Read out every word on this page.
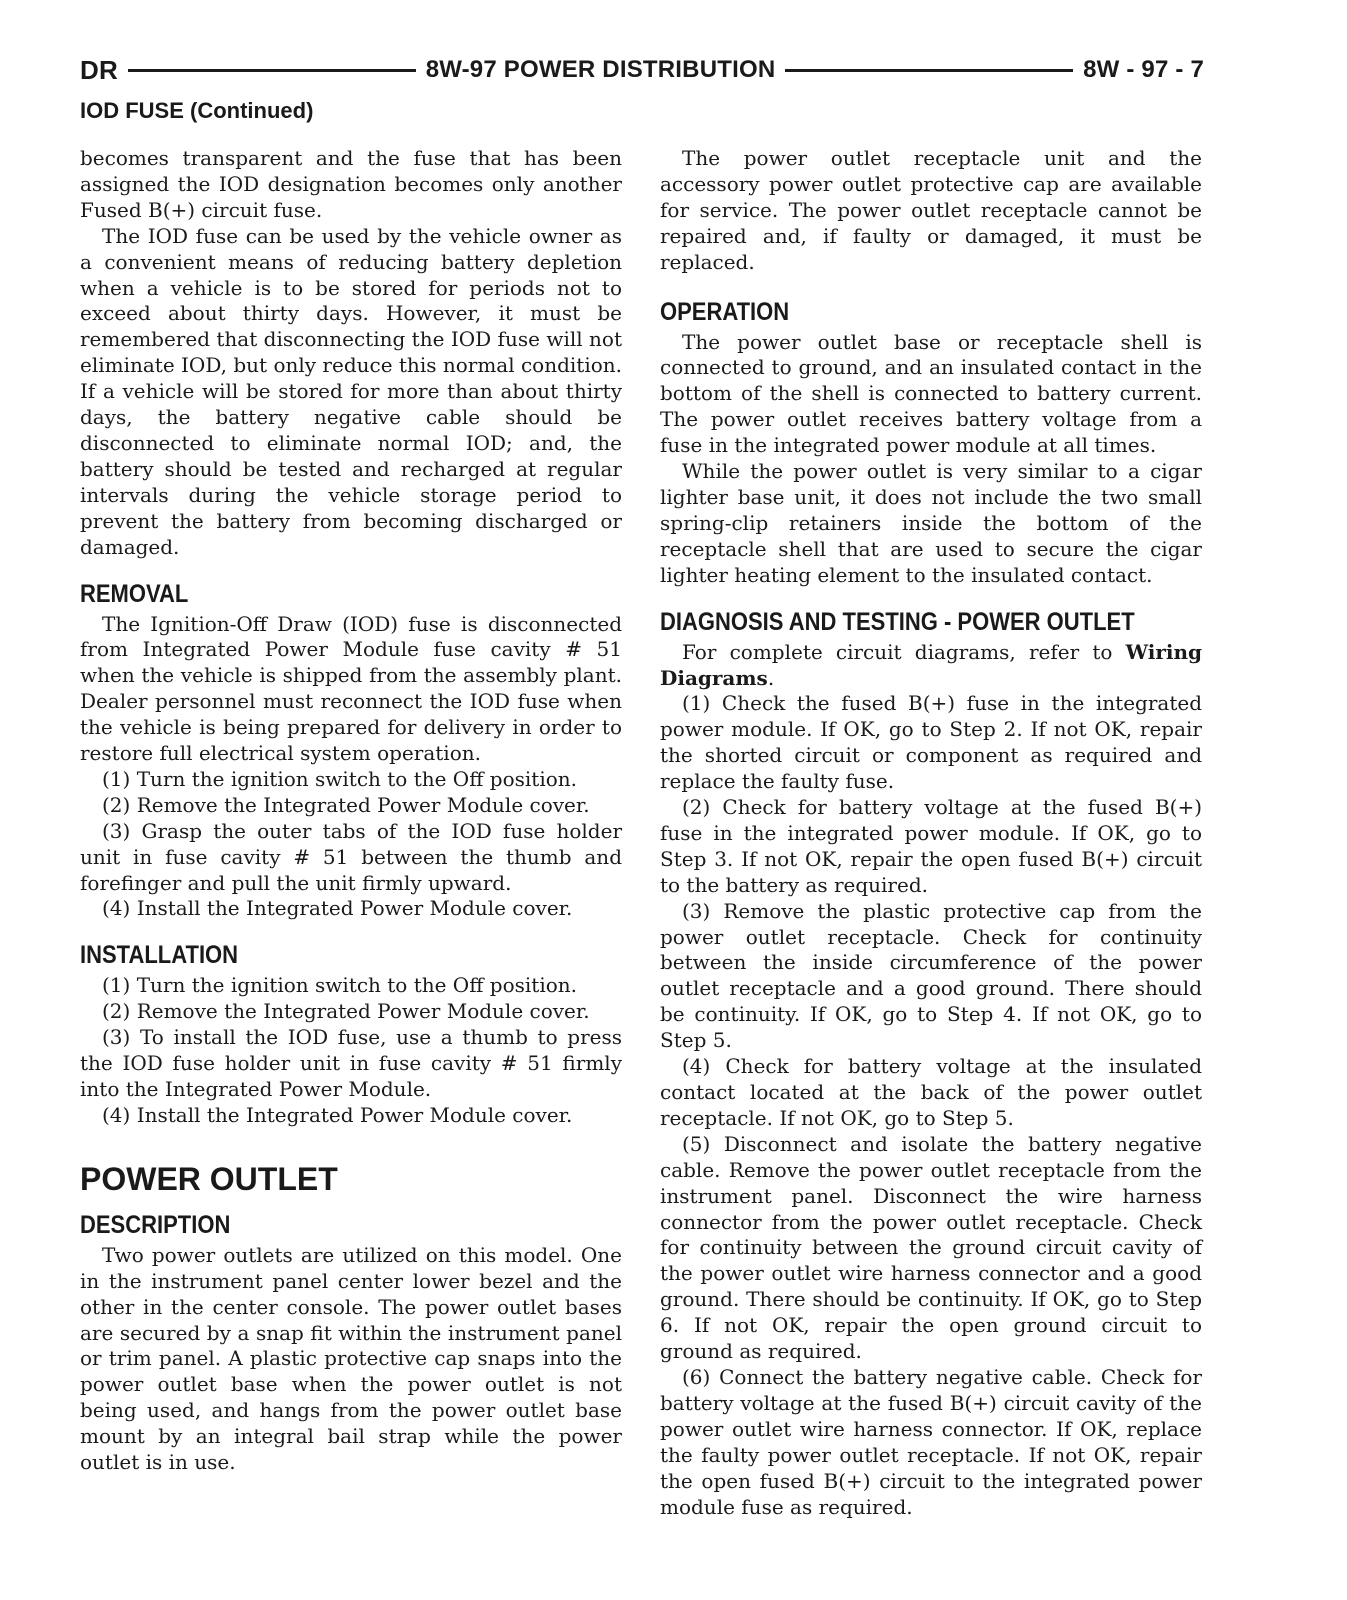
DR	8W-97 POWER DISTRIBUTION	8W - 97 - 7
IOD FUSE (Continued)

becomes transparent and the fuse that has been assigned the IOD designation becomes only another Fused B(+) circuit fuse.

The IOD fuse can be used by the vehicle owner as a convenient means of reducing battery depletion when a vehicle is to be stored for periods not to exceed about thirty days. However, it must be remembered that disconnecting the IOD fuse will not eliminate IOD, but only reduce this normal condition. If a vehicle will be stored for more than about thirty days, the battery negative cable should be disconnected to eliminate normal IOD; and, the battery should be tested and recharged at regular intervals during the vehicle storage period to prevent the battery from becoming discharged or damaged.

REMOVAL

The Ignition-Off Draw (IOD) fuse is disconnected from Integrated Power Module fuse cavity # 51 when the vehicle is shipped from the assembly plant. Dealer personnel must reconnect the IOD fuse when the vehicle is being prepared for delivery in order to restore full electrical system operation.

(1) Turn the ignition switch to the Off position.

(2) Remove the Integrated Power Module cover.

(3) Grasp the outer tabs of the IOD fuse holder unit in fuse cavity # 51 between the thumb and forefinger and pull the unit firmly upward.

(4) Install the Integrated Power Module cover.

INSTALLATION

(1) Turn the ignition switch to the Off position.

(2) Remove the Integrated Power Module cover.

(3) To install the IOD fuse, use a thumb to press the IOD fuse holder unit in fuse cavity # 51 firmly into the Integrated Power Module.

(4) Install the Integrated Power Module cover.

POWER OUTLET
DESCRIPTION

Two power outlets are utilized on this model. One in the instrument panel center lower bezel and the other in the center console. The power outlet bases are secured by a snap fit within the instrument panel or trim panel. A plastic protective cap snaps into the power outlet base when the power outlet is not being used, and hangs from the power outlet base mount by an integral bail strap while the power outlet is in use.

The power outlet receptacle unit and the accessory power outlet protective cap are available for service. The power outlet receptacle cannot be repaired and, if faulty or damaged, it must be replaced.

OPERATION

The power outlet base or receptacle shell is connected to ground, and an insulated contact in the bottom of the shell is connected to battery current. The power outlet receives battery voltage from a fuse in the integrated power module at all times.

While the power outlet is very similar to a cigar lighter base unit, it does not include the two small spring-clip retainers inside the bottom of the receptacle shell that are used to secure the cigar lighter heating element to the insulated contact.

DIAGNOSIS AND TESTING - POWER OUTLET

For complete circuit diagrams, refer to Wiring Diagrams.

(1) Check the fused B(+) fuse in the integrated power module. If OK, go to Step 2. If not OK, repair the shorted circuit or component as required and replace the faulty fuse.

(2) Check for battery voltage at the fused B(+) fuse in the integrated power module. If OK, go to Step 3. If not OK, repair the open fused B(+) circuit to the battery as required.

(3) Remove the plastic protective cap from the power outlet receptacle. Check for continuity between the inside circumference of the power outlet receptacle and a good ground. There should be continuity. If OK, go to Step 4. If not OK, go to Step 5.

(4) Check for battery voltage at the insulated contact located at the back of the power outlet receptacle. If not OK, go to Step 5.

(5) Disconnect and isolate the battery negative cable. Remove the power outlet receptacle from the instrument panel. Disconnect the wire harness connector from the power outlet receptacle. Check for continuity between the ground circuit cavity of the power outlet wire harness connector and a good ground. There should be continuity. If OK, go to Step 6. If not OK, repair the open ground circuit to ground as required.

(6) Connect the battery negative cable. Check for battery voltage at the fused B(+) circuit cavity of the power outlet wire harness connector. If OK, replace the faulty power outlet receptacle. If not OK, repair the open fused B(+) circuit to the integrated power module fuse as required.
